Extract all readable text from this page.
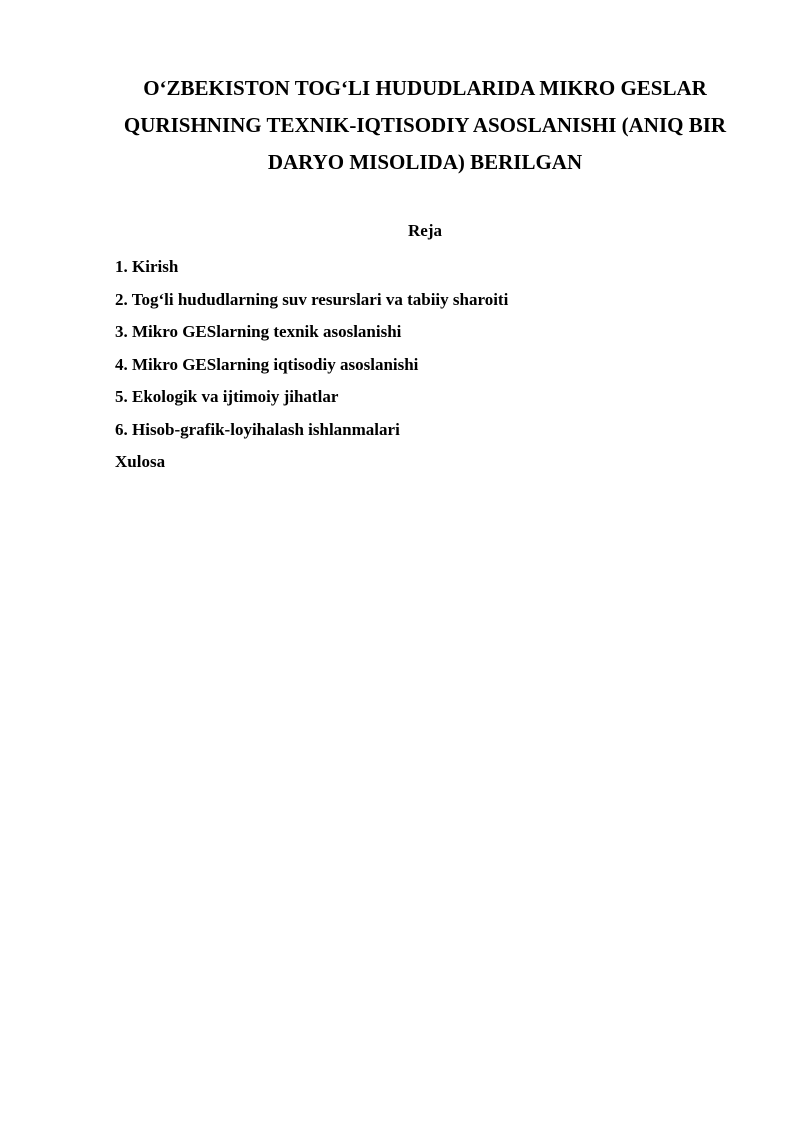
O‘ZBEKISTON TOG‘LI HUDUDLARIDA MIKRO GESLAR QURISHNING TEXNIK-IQTISODIY ASOSLANISHI (ANIQ BIR DARYO MISOLIDA) BERILGAN
Reja
1. Kirish
2. Tog‘li hududlarning suv resurslari va tabiiy sharoiti
3. Mikro GESlarning texnik asoslanishi
4. Mikro GESlarning iqtisodiy asoslanishi
5. Ekologik va ijtimoiy jihatlar
6. Hisob-grafik-loyihalash ishlanmalari
Xulosa
